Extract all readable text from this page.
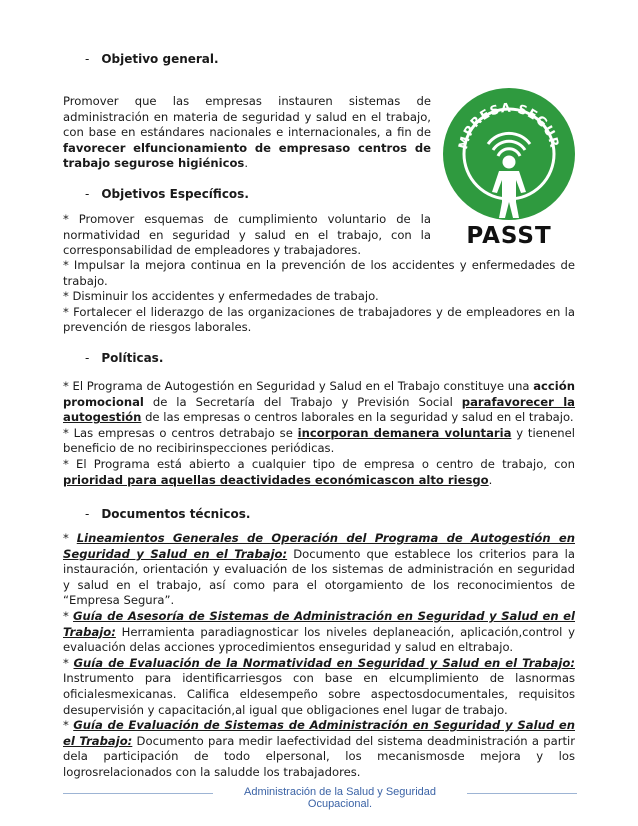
- Objetivo general.

Promover que las empresas instauren sistemas de administración en materia de seguridad y salud en el trabajo, con base en estándares nacionales e internacionales, a fin de favorecer elfuncionamiento de empresaso centros de trabajo segurose higiénicos.

- Objetivos Específicos.

* Promover esquemas de cumplimiento voluntario de la normatividad en seguridad y salud en el trabajo, con la corresponsabilidad de empleadores y trabajadores.

* Impulsar la mejora continua en la prevención de los accidentes y enfermedades de trabajo.

* Disminuir los accidentes y enfermedades de trabajo.

* Fortalecer el liderazgo de las organizaciones de trabajadores y de empleadores en la prevención de riesgos laborales.

- Políticas.

* El Programa de Autogestión en Seguridad y Salud en el Trabajo constituye una acción promocional de la Secretaría del Trabajo y Previsión Social parafavorecer la autogestión de las empresas o centros laborales en la seguridad y salud en el trabajo.

* Las empresas o centros detrabajo se incorporan demanera voluntaria y tienenel beneficio de no recibirinspecciones periódicas.

* El Programa está abierto a cualquier tipo de empresa o centro de trabajo, con prioridad para aquellas deactividades económicascon alto riesgo.

- Documentos técnicos.

* Lineamientos Generales de Operación del Programa de Autogestión en Seguridad y Salud en el Trabajo: Documento que establece los criterios para la instauración, orientación y evaluación de los sistemas de administración en seguridad y salud en el trabajo, así como para el otorgamiento de los reconocimientos de “Empresa Segura”.

* Guía de Asesoría de Sistemas de Administración en Seguridad y Salud en el Trabajo: Herramienta paradiagnosticar los niveles deplaneación, aplicación,control y evaluación delas acciones yprocedimientos enseguridad y salud en eltrabajo.

* Guía de Evaluación de la Normatividad en Seguridad y Salud en el Trabajo: Instrumento para identificarriesgos con base en elcumplimiento de lasnormas oficialesmexicanas. Califica eldesempeño sobre aspectosdocumentales, requisitos desupervisión y capacitación,al igual que obligaciones enel lugar de trabajo.

* Guía de Evaluación de Sistemas de Administración en Seguridad y Salud en el Trabajo: Documento para medir laefectividad del sistema deadministración a partir dela participación de todo elpersonal, los mecanismosde mejora y los logrosrelacionados con la saludde los trabajadores.

MPRESA SEGUR
PASST
Administración de la Salud y Seguridad Ocupacional.
